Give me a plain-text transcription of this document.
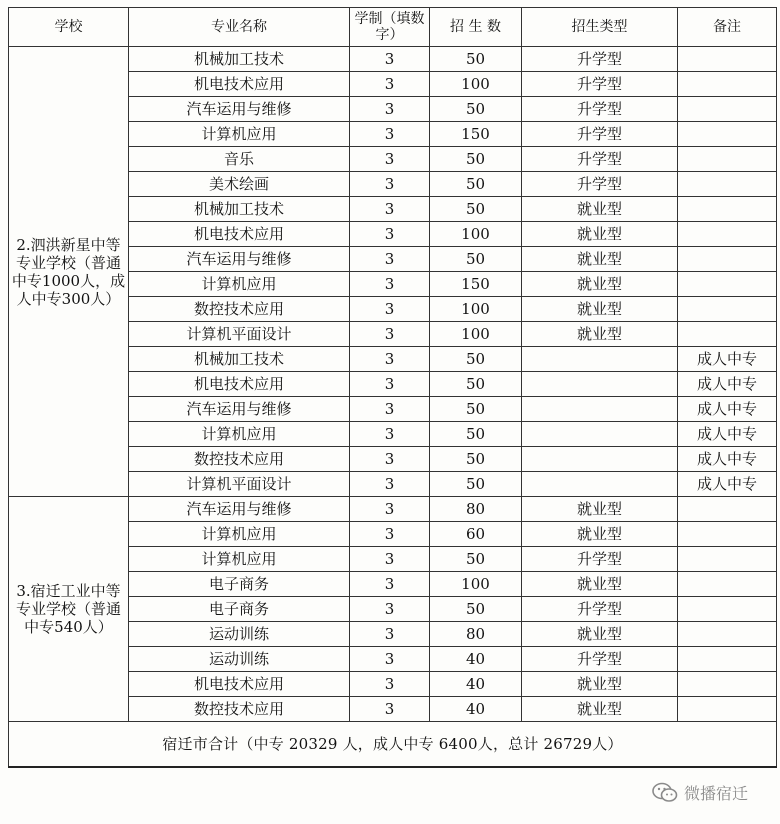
学校	专业名称	学制（填数字）	招 生 数	招生类型	备注
2.泗洪新星中等专业学校（普通中专1000人，成人中专300人）	机械加工技术	3	50	升学型	
	机电技术应用	3	100	升学型	
	汽车运用与维修	3	50	升学型	
	计算机应用	3	150	升学型	
	音乐	3	50	升学型	
	美术绘画	3	50	升学型	
	机械加工技术	3	50	就业型	
	机电技术应用	3	100	就业型	
	汽车运用与维修	3	50	就业型	
	计算机应用	3	150	就业型	
	数控技术应用	3	100	就业型	
	计算机平面设计	3	100	就业型	
	机械加工技术	3	50		成人中专
	机电技术应用	3	50		成人中专
	汽车运用与维修	3	50		成人中专
	计算机应用	3	50		成人中专
	数控技术应用	3	50		成人中专
	计算机平面设计	3	50		成人中专
3.宿迁工业中等专业学校（普通中专540人）	汽车运用与维修	3	80	就业型	
	计算机应用	3	60	就业型	
	计算机应用	3	50	升学型	
	电子商务	3	100	就业型	
	电子商务	3	50	升学型	
	运动训练	3	80	就业型	
	运动训练	3	40	升学型	
	机电技术应用	3	40	就业型	
	数控技术应用	3	40	就业型	
宿迁市合计（中专 20329 人，成人中专 6400人，总计 26729人）					
微播宿迁
